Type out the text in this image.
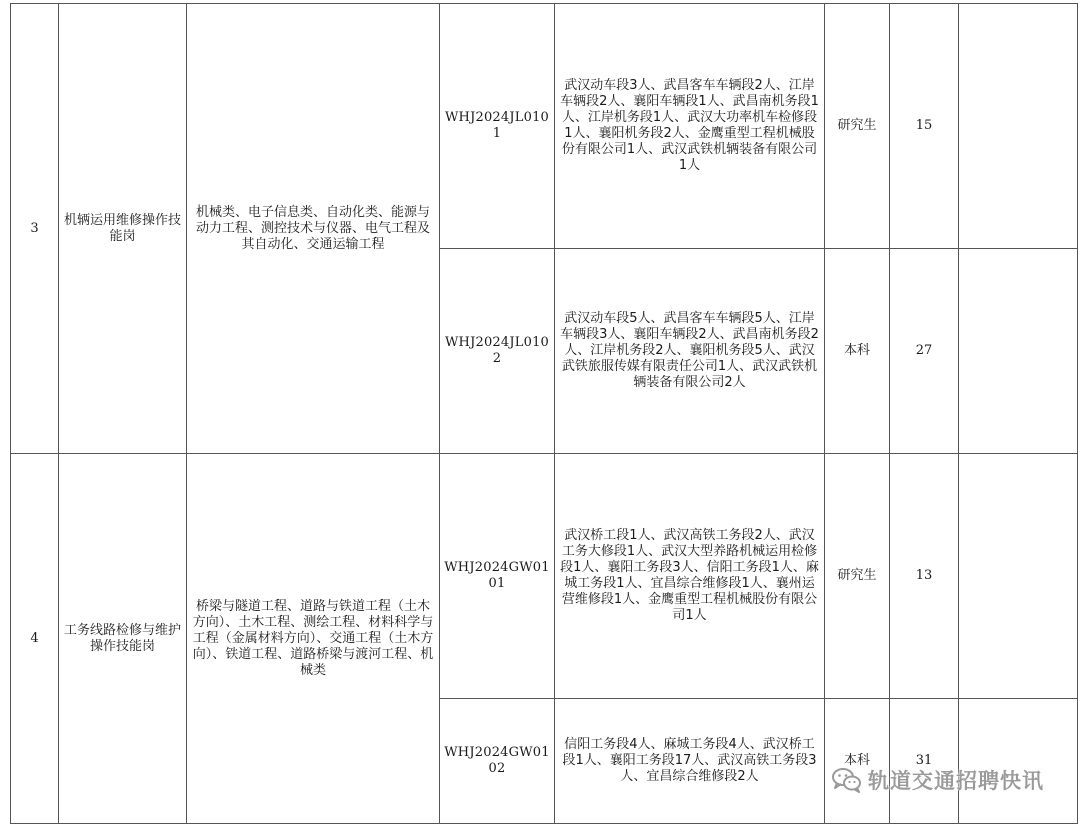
3	机辆运用维修操作技能岗	机械类、电子信息类、自动化类、能源与动力工程、测控技术与仪器、电气工程及其自动化、交通运输工程	WHJ2024JL0101	武汉动车段3人、武昌客车车辆段2人、江岸车辆段2人、襄阳车辆段1人、武昌南机务段1人、江岸机务段1人、武汉大功率机车检修段1人、襄阳机务段2人、金鹰重型工程机械股份有限公司1人、武汉武铁机辆装备有限公司1人	研究生	15	
			WHJ2024JL0102	武汉动车段5人、武昌客车车辆段5人、江岸车辆段3人、襄阳车辆段2人、武昌南机务段2人、江岸机务段2人、襄阳机务段5人、武汉武铁旅服传媒有限责任公司1人、武汉武铁机辆装备有限公司2人	本科	27	
4	工务线路检修与维护操作技能岗	桥梁与隧道工程、道路与铁道工程（土木方向）、土木工程、测绘工程、材料科学与工程（金属材料方向）、交通工程（土木方向）、铁道工程、道路桥梁与渡河工程、机械类	WHJ2024GW0101	武汉桥工段1人、武汉高铁工务段2人、武汉工务大修段1人、武汉大型养路机械运用检修段1人、襄阳工务段3人、信阳工务段1人、麻城工务段1人、宜昌综合维修段1人、襄州运营维修段1人、金鹰重型工程机械股份有限公司1人	研究生	13	
			WHJ2024GW0102	信阳工务段4人、麻城工务段4人、武汉桥工段1人、襄阳工务段17人、武汉高铁工务段3人、宜昌综合维修段2人	本科	31	
轨道交通招聘快讯
